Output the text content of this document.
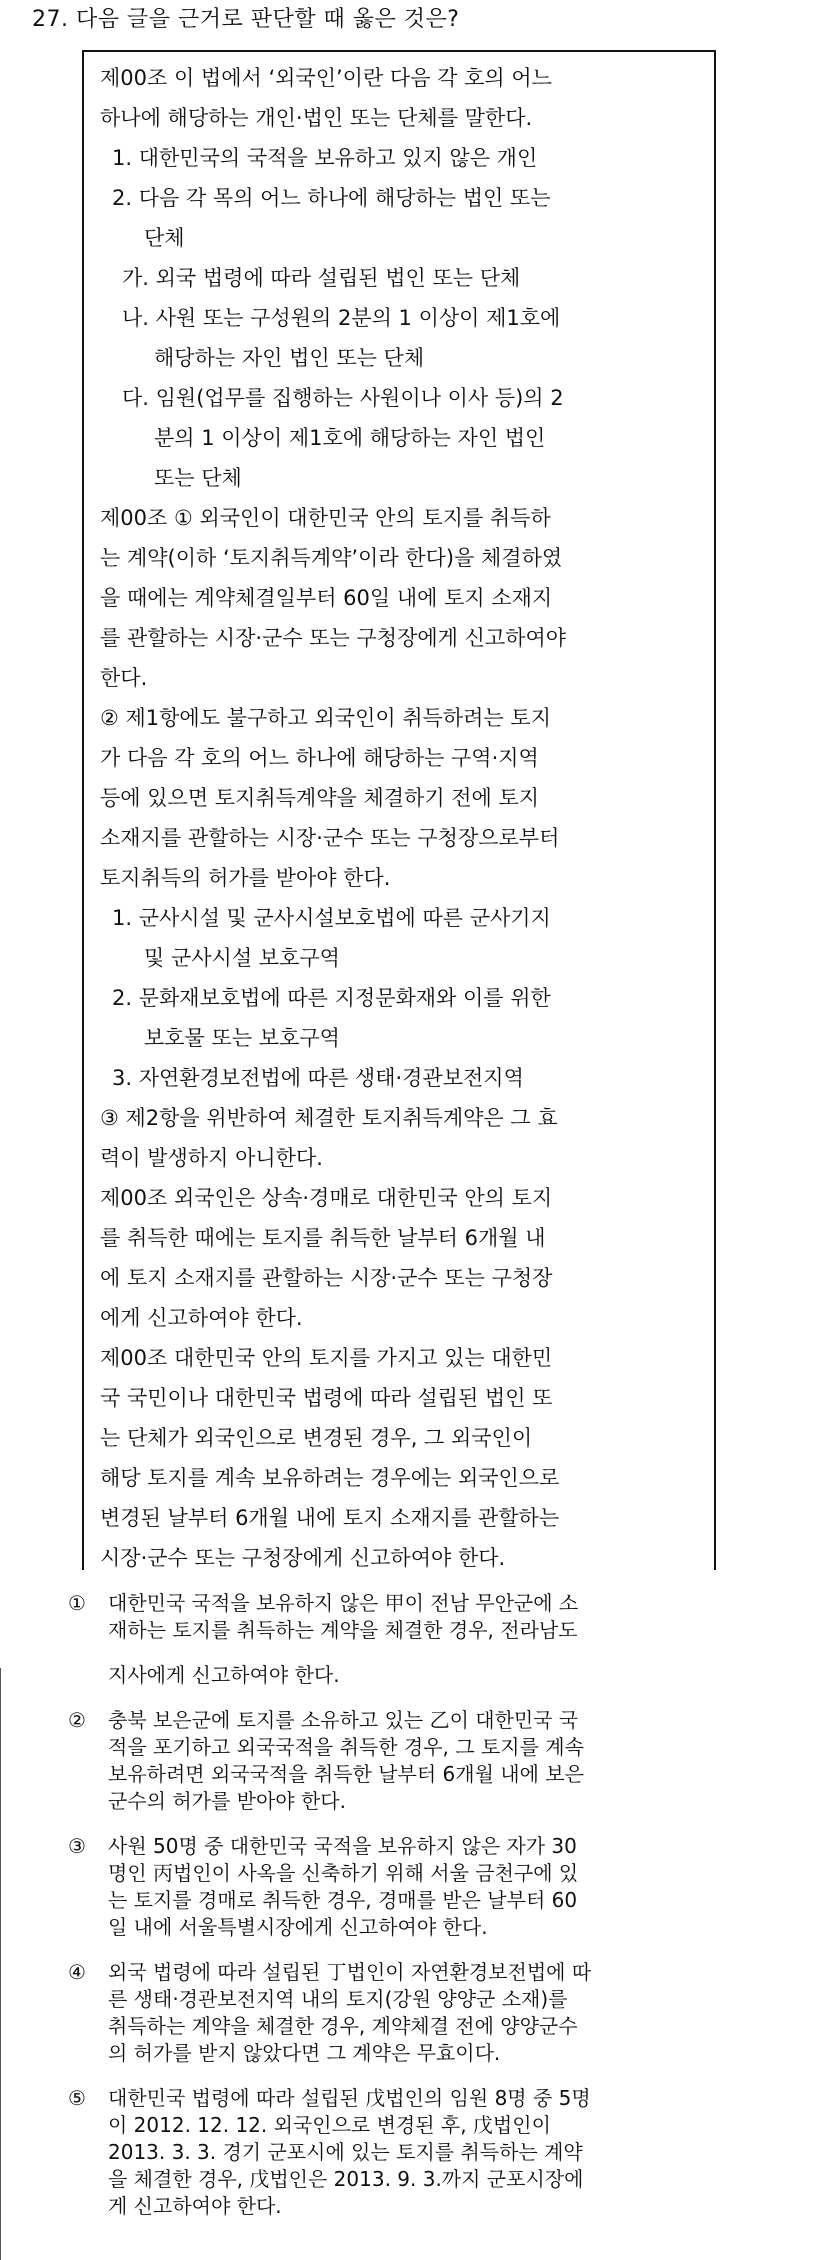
27. 다음 글을 근거로 판단할 때 옳은 것은?

제00조 이 법에서 ‘외국인’이란 다음 각 호의 어느

하나에 해당하는 개인·법인 또는 단체를 말한다.

1. 대한민국의 국적을 보유하고 있지 않은 개인

2. 다음 각 목의 어느 하나에 해당하는 법인 또는

단체

가. 외국 법령에 따라 설립된 법인 또는 단체

나. 사원 또는 구성원의 2분의 1 이상이 제1호에

해당하는 자인 법인 또는 단체

다. 임원(업무를 집행하는 사원이나 이사 등)의 2

분의 1 이상이 제1호에 해당하는 자인 법인

또는 단체

제00조 ① 외국인이 대한민국 안의 토지를 취득하

는 계약(이하 ‘토지취득계약’이라 한다)을 체결하였

을 때에는 계약체결일부터 60일 내에 토지 소재지

를 관할하는 시장·군수 또는 구청장에게 신고하여야

한다.

② 제1항에도 불구하고 외국인이 취득하려는 토지

가 다음 각 호의 어느 하나에 해당하는 구역·지역

등에 있으면 토지취득계약을 체결하기 전에 토지

소재지를 관할하는 시장·군수 또는 구청장으로부터

토지취득의 허가를 받아야 한다.

1. 군사시설 및 군사시설보호법에 따른 군사기지

및 군사시설 보호구역

2. 문화재보호법에 따른 지정문화재와 이를 위한

보호물 또는 보호구역

3. 자연환경보전법에 따른 생태·경관보전지역

③ 제2항을 위반하여 체결한 토지취득계약은 그 효

력이 발생하지 아니한다.

제00조 외국인은 상속·경매로 대한민국 안의 토지

를 취득한 때에는 토지를 취득한 날부터 6개월 내

에 토지 소재지를 관할하는 시장·군수 또는 구청장

에게 신고하여야 한다.

제00조 대한민국 안의 토지를 가지고 있는 대한민

국 국민이나 대한민국 법령에 따라 설립된 법인 또

는 단체가 외국인으로 변경된 경우, 그 외국인이

해당 토지를 계속 보유하려는 경우에는 외국인으로

변경된 날부터 6개월 내에 토지 소재지를 관할하는

시장·군수 또는 구청장에게 신고하여야 한다.

① 대한민국 국적을 보유하지 않은 甲이 전남 무안군에 소

재하는 토지를 취득하는 계약을 체결한 경우, 전라남도

지사에게 신고하여야 한다.

② 충북 보은군에 토지를 소유하고 있는 乙이 대한민국 국

적을 포기하고 외국국적을 취득한 경우, 그 토지를 계속

보유하려면 외국국적을 취득한 날부터 6개월 내에 보은

군수의 허가를 받아야 한다.

③ 사원 50명 중 대한민국 국적을 보유하지 않은 자가 30

명인 丙법인이 사옥을 신축하기 위해 서울 금천구에 있

는 토지를 경매로 취득한 경우, 경매를 받은 날부터 60

일 내에 서울특별시장에게 신고하여야 한다.

④ 외국 법령에 따라 설립된 丁법인이 자연환경보전법에 따

른 생태·경관보전지역 내의 토지(강원 양양군 소재)를

취득하는 계약을 체결한 경우, 계약체결 전에 양양군수

의 허가를 받지 않았다면 그 계약은 무효이다.

⑤ 대한민국 법령에 따라 설립된 戊법인의 임원 8명 중 5명

이 2012. 12. 12. 외국인으로 변경된 후, 戊법인이

2013. 3. 3. 경기 군포시에 있는 토지를 취득하는 계약

을 체결한 경우, 戊법인은 2013. 9. 3.까지 군포시장에

게 신고하여야 한다.
